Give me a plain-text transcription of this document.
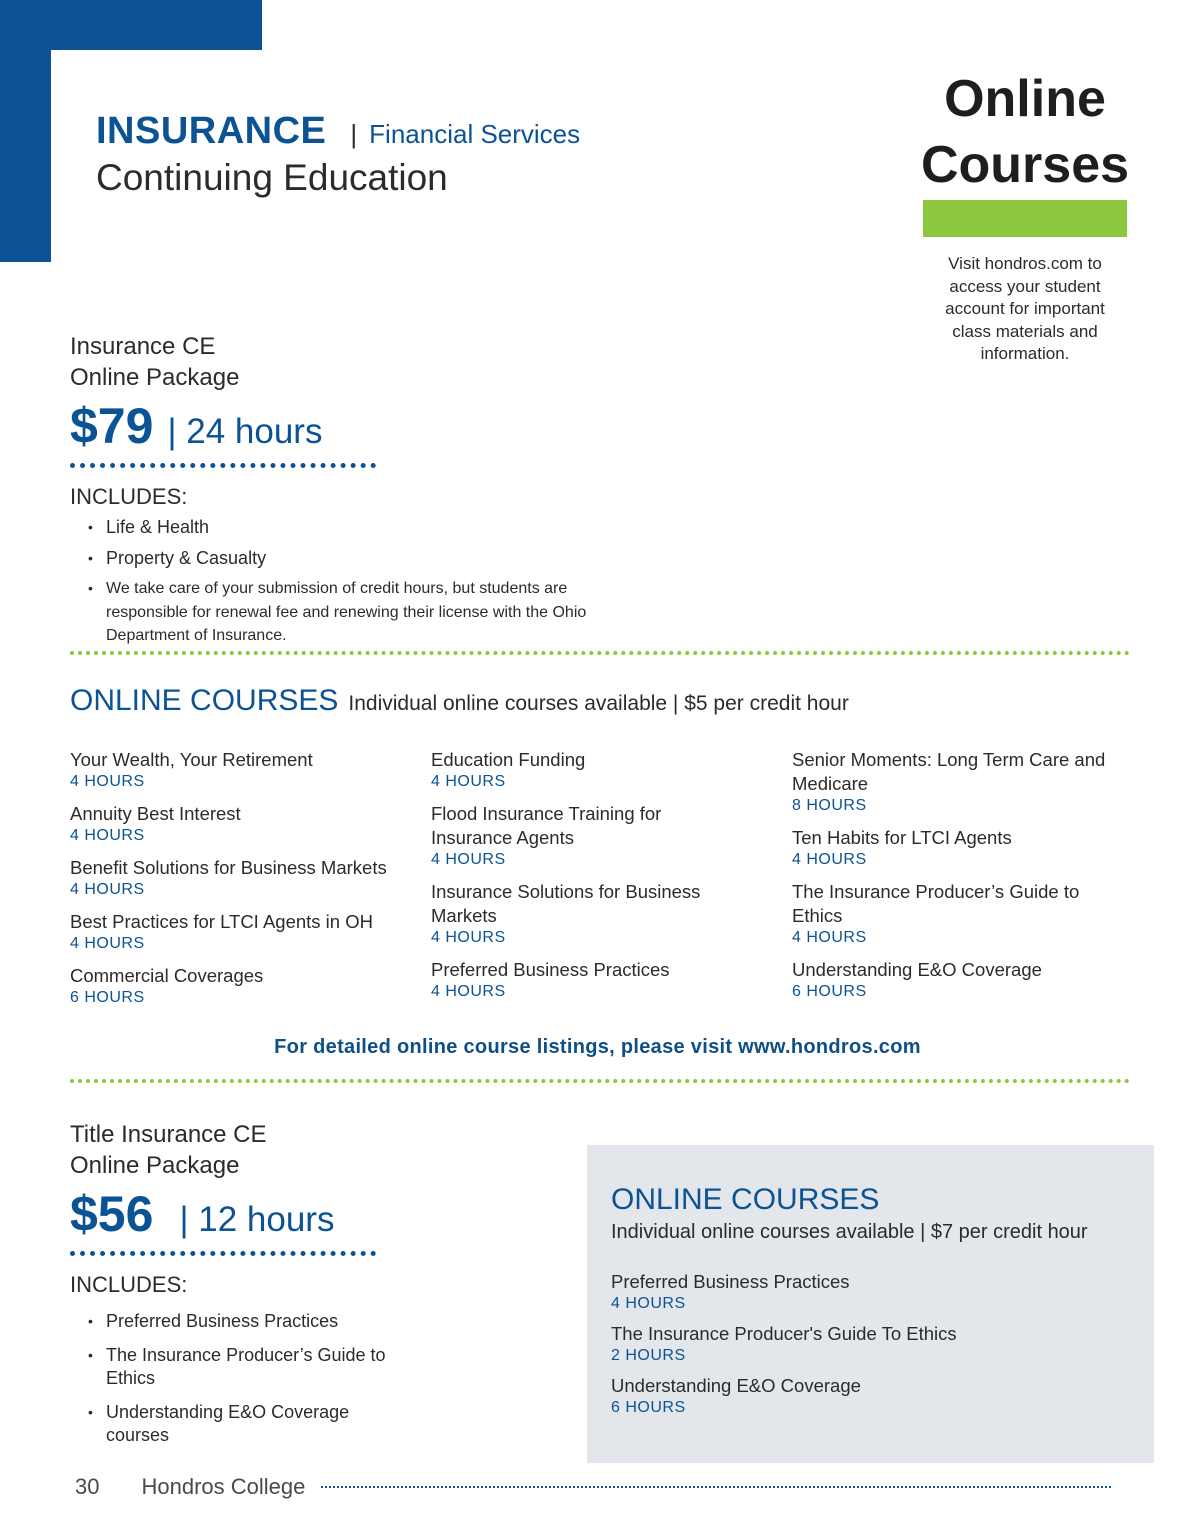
INSURANCE | Financial Services
Continuing Education
Online
Courses
Visit hondros.com to access your student account for important class materials and information.
Insurance CE
Online Package
$79 | 24 hours
INCLUDES:
• Life & Health
• Property & Casualty
• We take care of your submission of credit hours, but students are responsible for renewal fee and renewing their license with the Ohio Department of Insurance.
ONLINE COURSES Individual online courses available | $5 per credit hour
Your Wealth, Your Retirement
4 HOURS
Annuity Best Interest
4 HOURS
Benefit Solutions for Business Markets
4 HOURS
Best Practices for LTCI Agents in OH
4 HOURS
Commercial Coverages
6 HOURS
Education Funding
4 HOURS
Flood Insurance Training for Insurance Agents
4 HOURS
Insurance Solutions for Business Markets
4 HOURS
Preferred Business Practices
4 HOURS
Senior Moments: Long Term Care and Medicare
8 HOURS
Ten Habits for LTCI Agents
4 HOURS
The Insurance Producer’s Guide to Ethics
4 HOURS
Understanding E&O Coverage
6 HOURS
For detailed online course listings, please visit www.hondros.com
Title Insurance CE
Online Package
$56 | 12 hours
INCLUDES:
• Preferred Business Practices
• The Insurance Producer’s Guide to Ethics
• Understanding E&O Coverage courses
ONLINE COURSES
Individual online courses available | $7 per credit hour
Preferred Business Practices
4 HOURS
The Insurance Producer's Guide To Ethics
2 HOURS
Understanding E&O Coverage
6 HOURS
30 Hondros College
